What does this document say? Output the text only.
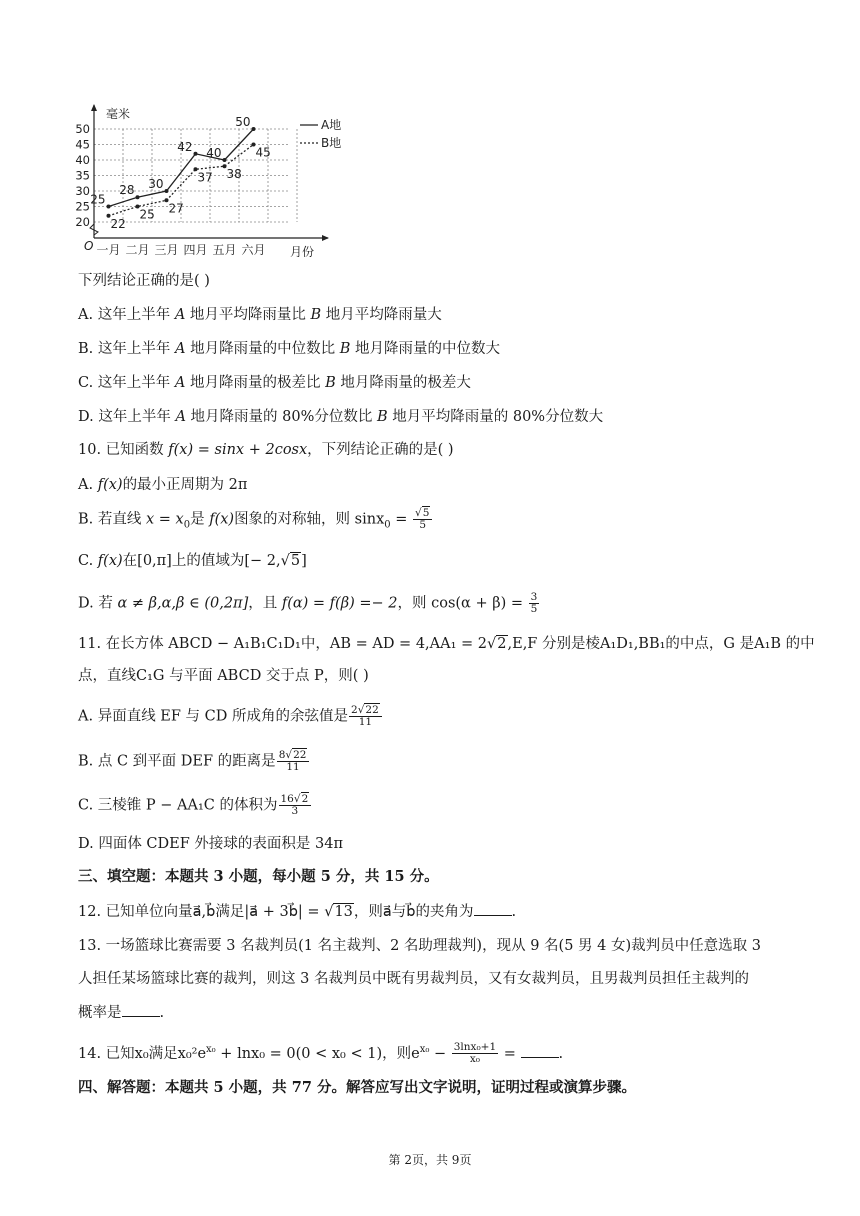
毫米
月份
O
20
25
30
35
40
45
50
一月 二月 三月 四月 五月 六月
25
28 30
42 40
50
22
25 27
37 38
45
A地
B地
下列结论正确的是( )
A. 这年上半年 A 地月平均降雨量比 B 地月平均降雨量大
B. 这年上半年 A 地月降雨量的中位数比 B 地月降雨量的中位数大
C. 这年上半年 A 地月降雨量的极差比 B 地月降雨量的极差大
D. 这年上半年 A 地月降雨量的 80%分位数比 B 地月平均降雨量的 80%分位数大
10. 已知函数 f(x) = sinx + 2cosx，下列结论正确的是( )
A. f(x)的最小正周期为 2π
B. 若直线 $x = x_0$是 f(x)图象的对称轴，则 $\sin x_0 = \frac{√5}{5}$
C. f(x)在[0,π]上的值域为[− 2,√5]
D. 若 α ≠ β,α,β ∈ (0,2π]，且 f(α) = f(β) =− 2，则 $\cos(\alpha + \beta) = \frac{3}{5}$
11. 在长方体 ABCD − A₁B₁C₁D₁中，AB = AD = 4,AA₁ = 2√2,E,F 分别是棱A₁D₁,BB₁的中点，G 是A₁B 的中
点，直线C₁G 与平面 ABCD 交于点 P，则( )
A. 异面直线 EF 与 CD 所成角的余弦值是 $\frac{2√22}{11}$
B. 点 C 到平面 DEF 的距离是 $\frac{8√22}{11}$
C. 三棱锥 P − AA₁C 的体积为 $\frac{16√2}{3}$
D. 四面体 CDEF 外接球的表面积是 34π
三、填空题：本题共 3 小题，每小题 5 分，共 15 分。
12. 已知单位向量a⃗,b⃗满足|a⃗ + 3b⃗| = √13，则a⃗与b⃗的夹角为	.
13. 一场篮球比赛需要 3 名裁判员(1 名主裁判、2 名助理裁判)，现从 9 名(5 男 4 女)裁判员中任意选取 3
人担任某场篮球比赛的裁判，则这 3 名裁判员中既有男裁判员，又有女裁判员，且男裁判员担任主裁判的
概率是	.
14. 已知x₀满足$x_0^2e^{x_0} + \ln x_0 = 0(0 < x_0 < 1)$，则$e^{x_0} - \frac{\text{3lnx₀+1}}{\text{x₀}}$ =	.
四、解答题：本题共 5 小题，共 77 分。解答应写出文字说明，证明过程或演算步骤。
第 2页，共 9页
